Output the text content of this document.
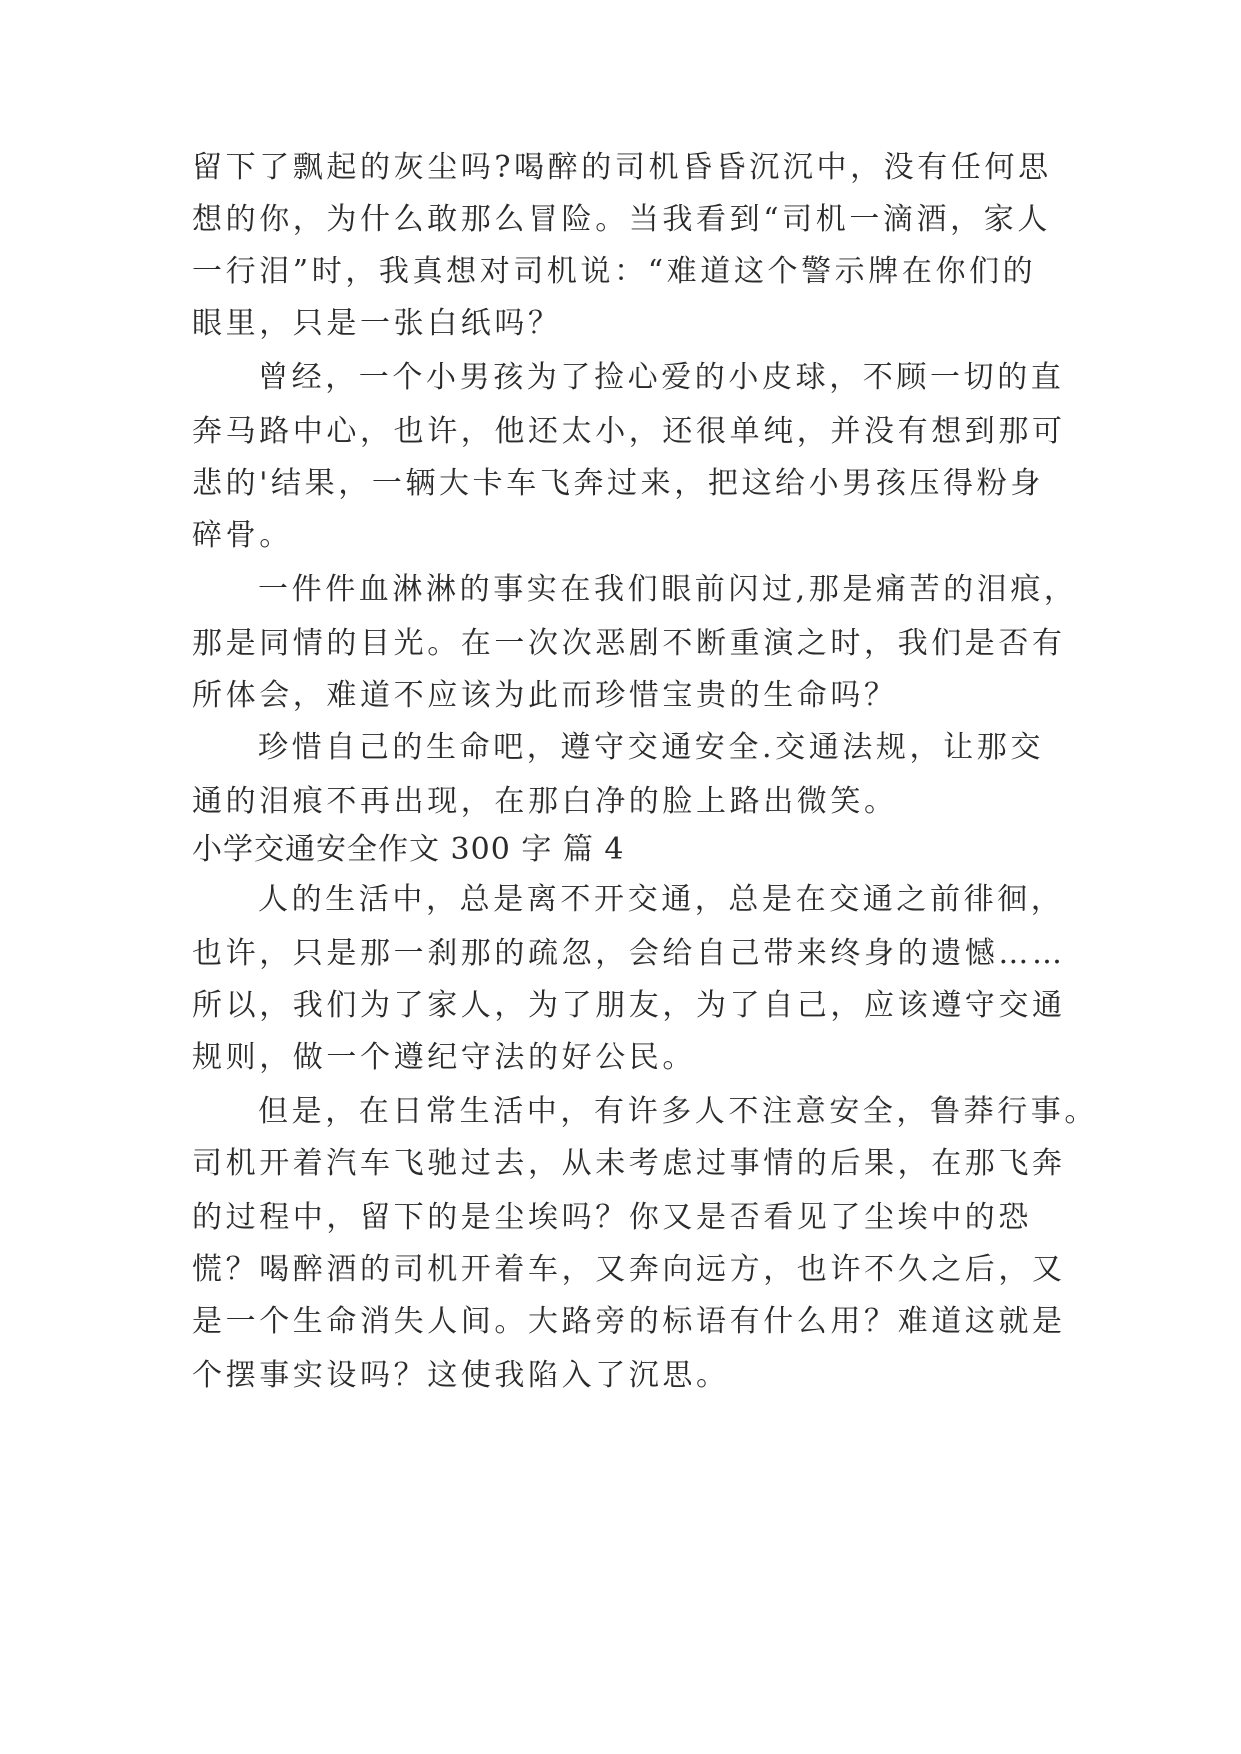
留下了飘起的灰尘吗?喝醉的司机昏昏沉沉中，没有任何思
想的你，为什么敢那么冒险。当我看到“司机一滴酒，家人
一行泪”时，我真想对司机说：“难道这个警示牌在你们的
眼里，只是一张白纸吗？
曾经，一个小男孩为了捡心爱的小皮球，不顾一切的直
奔马路中心，也许，他还太小，还很单纯，并没有想到那可
悲的'结果，一辆大卡车飞奔过来，把这给小男孩压得粉身
碎骨。
一件件血淋淋的事实在我们眼前闪过,那是痛苦的泪痕，
那是同情的目光。在一次次恶剧不断重演之时，我们是否有
所体会，难道不应该为此而珍惜宝贵的生命吗？
珍惜自己的生命吧，遵守交通安全.交通法规，让那交
通的泪痕不再出现，在那白净的脸上路出微笑。
小学交通安全作文 300 字 篇 4
人的生活中，总是离不开交通，总是在交通之前徘徊，
也许，只是那一刹那的疏忽，会给自己带来终身的遗憾……
所以，我们为了家人，为了朋友，为了自己，应该遵守交通
规则，做一个遵纪守法的好公民。
但是，在日常生活中，有许多人不注意安全，鲁莽行事。
司机开着汽车飞驰过去，从未考虑过事情的后果，在那飞奔
的过程中，留下的是尘埃吗？你又是否看见了尘埃中的恐
慌？喝醉酒的司机开着车，又奔向远方，也许不久之后，又
是一个生命消失人间。大路旁的标语有什么用？难道这就是
个摆事实设吗？这使我陷入了沉思。
